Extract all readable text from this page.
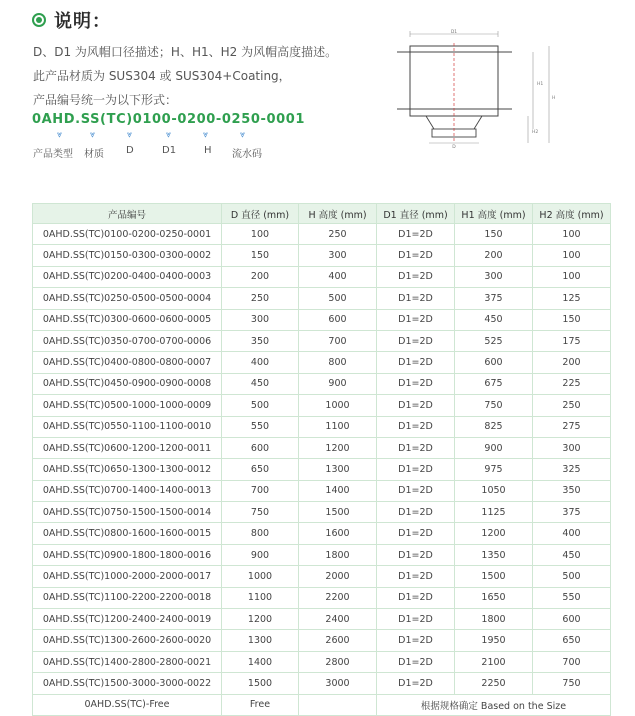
说明：
D、D1 为风帽口径描述；H、H1、H2 为风帽高度描述。
此产品材质为 SUS304 或 SUS304+Coating，
产品编号统一为以下形式：
0AHD.SS(TC)0100-0200-0250-0001
⩔	⩔	⩔	⩔	⩔	⩔
产品类型 材质 D	D1	H 流水码
D1
D
H1
H
H2
产品编号	D 直径 (mm)	H 高度 (mm)	D1 直径 (mm)	H1 高度 (mm)	H2 高度 (mm)
0AHD.SS(TC)0100-0200-0250-0001	100	250	D1=2D	150	100
0AHD.SS(TC)0150-0300-0300-0002	150	300	D1=2D	200	100
0AHD.SS(TC)0200-0400-0400-0003	200	400	D1=2D	300	100
0AHD.SS(TC)0250-0500-0500-0004	250	500	D1=2D	375	125
0AHD.SS(TC)0300-0600-0600-0005	300	600	D1=2D	450	150
0AHD.SS(TC)0350-0700-0700-0006	350	700	D1=2D	525	175
0AHD.SS(TC)0400-0800-0800-0007	400	800	D1=2D	600	200
0AHD.SS(TC)0450-0900-0900-0008	450	900	D1=2D	675	225
0AHD.SS(TC)0500-1000-1000-0009	500	1000	D1=2D	750	250
0AHD.SS(TC)0550-1100-1100-0010	550	1100	D1=2D	825	275
0AHD.SS(TC)0600-1200-1200-0011	600	1200	D1=2D	900	300
0AHD.SS(TC)0650-1300-1300-0012	650	1300	D1=2D	975	325
0AHD.SS(TC)0700-1400-1400-0013	700	1400	D1=2D	1050	350
0AHD.SS(TC)0750-1500-1500-0014	750	1500	D1=2D	1125	375
0AHD.SS(TC)0800-1600-1600-0015	800	1600	D1=2D	1200	400
0AHD.SS(TC)0900-1800-1800-0016	900	1800	D1=2D	1350	450
0AHD.SS(TC)1000-2000-2000-0017	1000	2000	D1=2D	1500	500
0AHD.SS(TC)1100-2200-2200-0018	1100	2200	D1=2D	1650	550
0AHD.SS(TC)1200-2400-2400-0019	1200	2400	D1=2D	1800	600
0AHD.SS(TC)1300-2600-2600-0020	1300	2600	D1=2D	1950	650
0AHD.SS(TC)1400-2800-2800-0021	1400	2800	D1=2D	2100	700
0AHD.SS(TC)1500-3000-3000-0022	1500	3000	D1=2D	2250	750
0AHD.SS(TC)-Free	Free		根据规格确定 Based on the Size		
